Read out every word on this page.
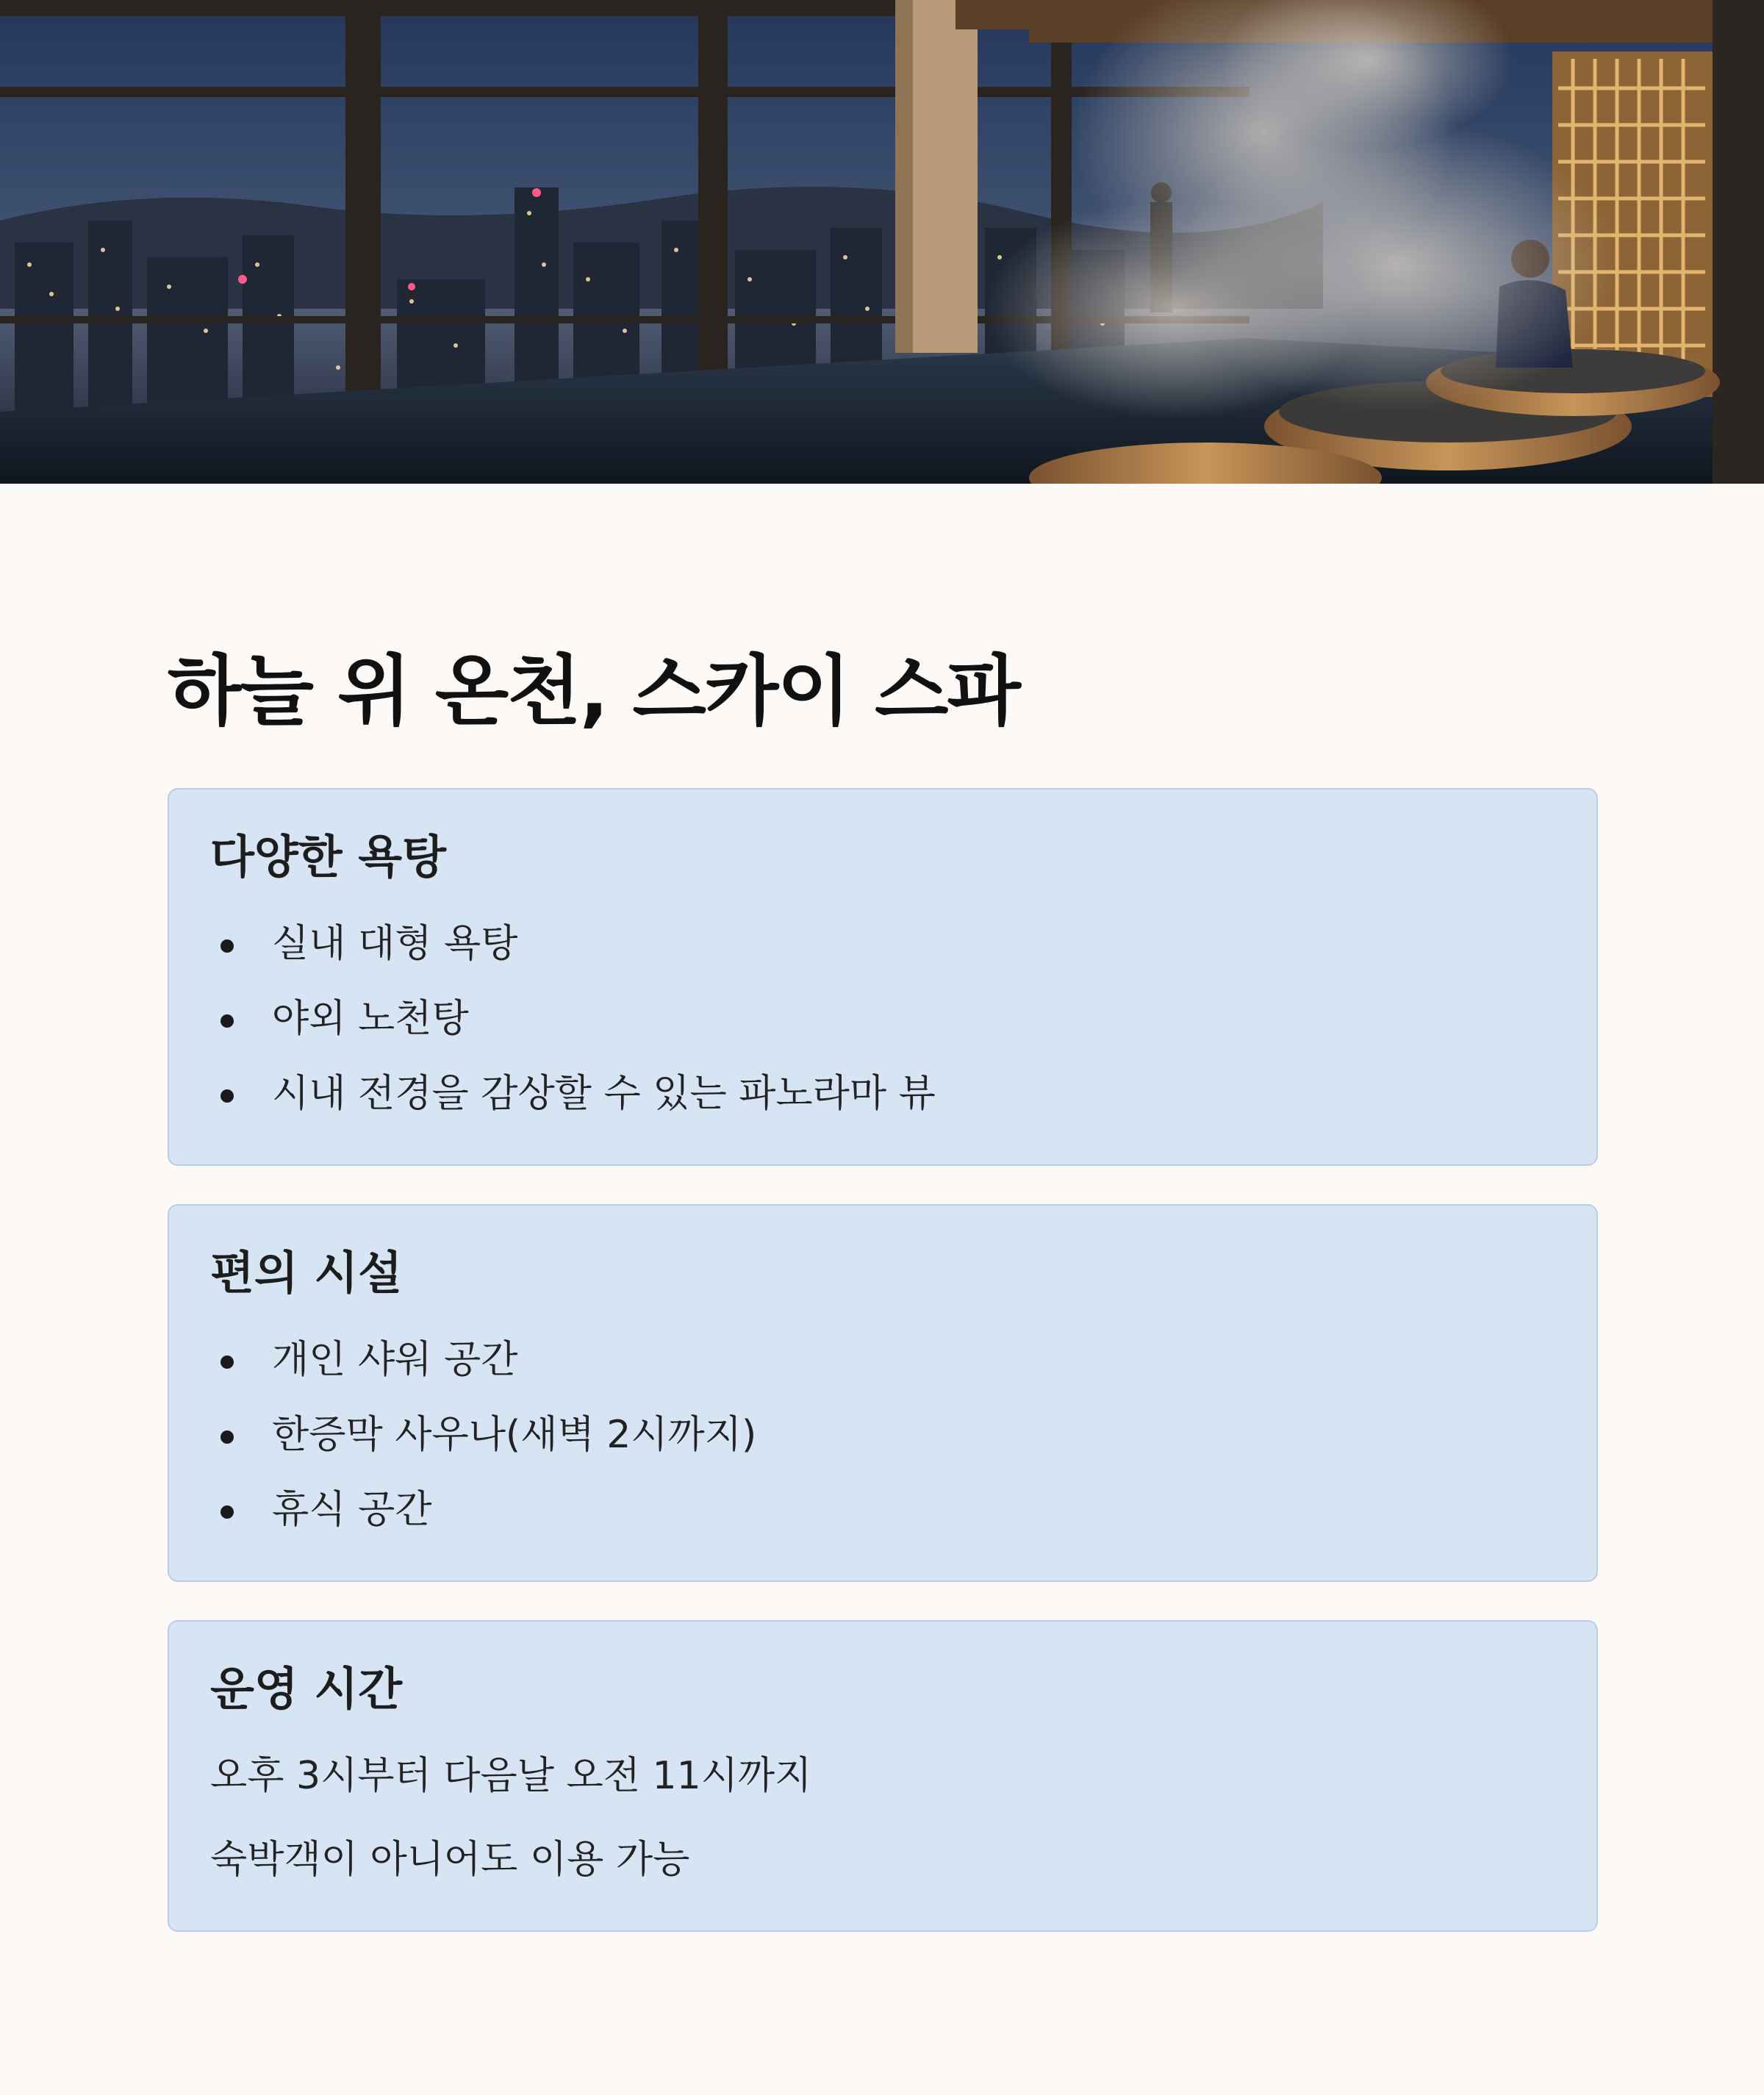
하늘 위 온천, 스카이 스파
다양한 욕탕
실내 대형 욕탕
야외 노천탕
시내 전경을 감상할 수 있는 파노라마 뷰
편의 시설
개인 샤워 공간
한증막 사우나(새벽 2시까지)
휴식 공간
운영 시간

오후 3시부터 다음날 오전 11시까지

숙박객이 아니어도 이용 가능
